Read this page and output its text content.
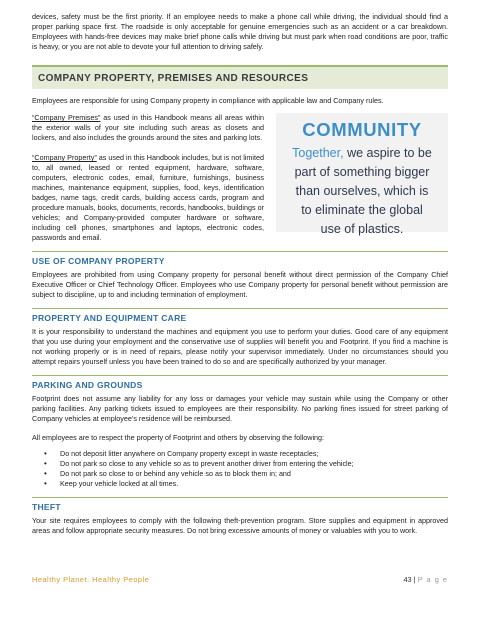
devices, safety must be the first priority. If an employee needs to make a phone call while driving, the individual should find a proper parking space first. The roadside is only acceptable for genuine emergencies such as an accident or a car breakdown. Employees with hands-free devices may make brief phone calls while driving but must park when road conditions are poor, traffic is heavy, or you are not able to devote your full attention to driving safely.

COMPANY PROPERTY, PREMISES AND RESOURCES

Employees are responsible for using Company property in compliance with applicable law and Company rules.

“Company Premises” as used in this Handbook means all areas within the exterior walls of your site including such areas as closets and lockers, and also includes the grounds around the sites and parking lots.

“Company Property” as used in this Handbook includes, but is not limited to, all owned, leased or rented equipment, hardware, software, computers, electronic codes, email, furniture, furnishings, business machines, maintenance equipment, supplies, food, keys, identification badges, name tags, credit cards, building access cards, program and procedure manuals, books, documents, records, handbooks, buildings or vehicles; and Company-provided computer hardware or software, including cell phones, smartphones and laptops, electronic codes, passwords and email.

COMMUNITY
Together, we aspire to be
part of something bigger
than ourselves, which is
to eliminate the global
use of plastics.
USE OF COMPANY PROPERTY

Employees are prohibited from using Company property for personal benefit without direct permission of the Company Chief Executive Officer or Chief Technology Officer. Employees who use Company property for personal benefit without permission are subject to discipline, up to and including termination of employment.

PROPERTY AND EQUIPMENT CARE

It is your responsibility to understand the machines and equipment you use to perform your duties. Good care of any equipment that you use during your employment and the conservative use of supplies will benefit you and Footprint. If you find a machine is not working properly or is in need of repairs, please notify your supervisor immediately. Under no circumstances should you attempt repairs yourself unless you have been trained to do so and are specifically authorized by your manager.

PARKING AND GROUNDS

Footprint does not assume any liability for any loss or damages your vehicle may sustain while using the Company or other parking facilities. Any parking tickets issued to employees are their responsibility. No parking fines issued for street parking of Company vehicles at employee’s residence will be reimbursed.

All employees are to respect the property of Footprint and others by observing the following:

• Do not deposit litter anywhere on Company property except in waste receptacles;
• Do not park so close to any vehicle so as to prevent another driver from entering the vehicle;
• Do not park so close to or behind any vehicle so as to block them in; and
• Keep your vehicle locked at all times.
THEFT

Your site requires employees to comply with the following theft-prevention program. Store supplies and equipment in approved areas and follow appropriate security measures. Do not bring excessive amounts of money or valuables with you to work.

Healthy Planet. Healthy People	43 | P a g e
